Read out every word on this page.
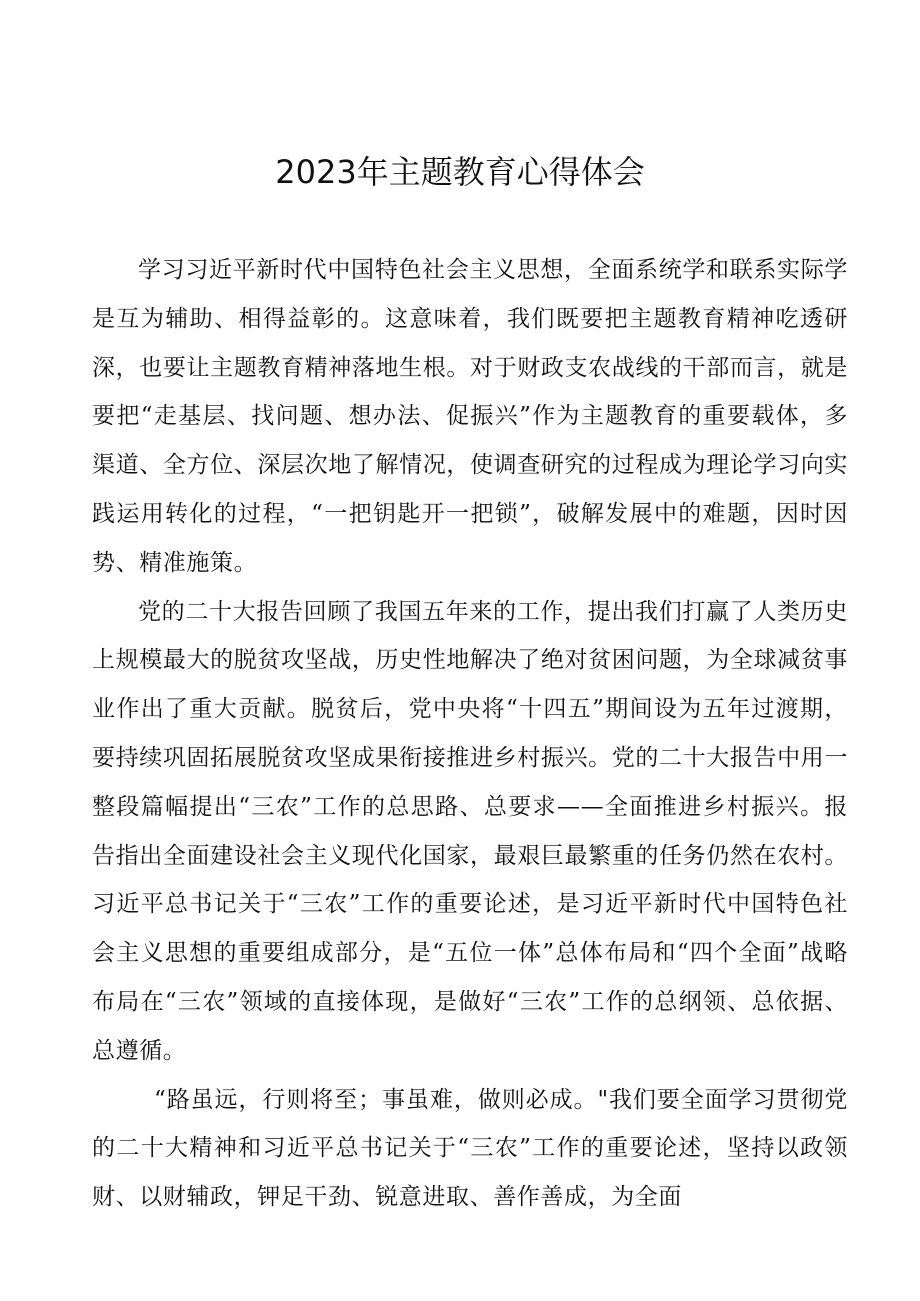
2023年主题教育心得体会

学习习近平新时代中国特色社会主义思想，全面系统学和联系实际学是互为辅助、相得益彰的。这意味着，我们既要把主题教育精神吃透研深，也要让主题教育精神落地生根。对于财政支农战线的干部而言，就是要把“走基层、找问题、想办法、促振兴”作为主题教育的重要载体，多渠道、全方位、深层次地了解情况，使调查研究的过程成为理论学习向实践运用转化的过程，“一把钥匙开一把锁”，破解发展中的难题，因时因势、精准施策。

党的二十大报告回顾了我国五年来的工作，提出我们打赢了人类历史上规模最大的脱贫攻坚战，历史性地解决了绝对贫困问题，为全球减贫事业作出了重大贡献。脱贫后，党中央将“十四五”期间设为五年过渡期，要持续巩固拓展脱贫攻坚成果衔接推进乡村振兴。党的二十大报告中用一整段篇幅提出“三农”工作的总思路、总要求——全面推进乡村振兴。报告指出全面建设社会主义现代化国家，最艰巨最繁重的任务仍然在农村。习近平总书记关于“三农”工作的重要论述，是习近平新时代中国特色社会主义思想的重要组成部分，是“五位一体”总体布局和“四个全面”战略布局在“三农”领域的直接体现，是做好“三农”工作的总纲领、总依据、总遵循。

“路虽远，行则将至；事虽难，做则必成。"我们要全面学习贯彻党的二十大精神和习近平总书记关于“三农”工作的重要论述，坚持以政领财、以财辅政，钾足干劲、锐意进取、善作善成，为全面
